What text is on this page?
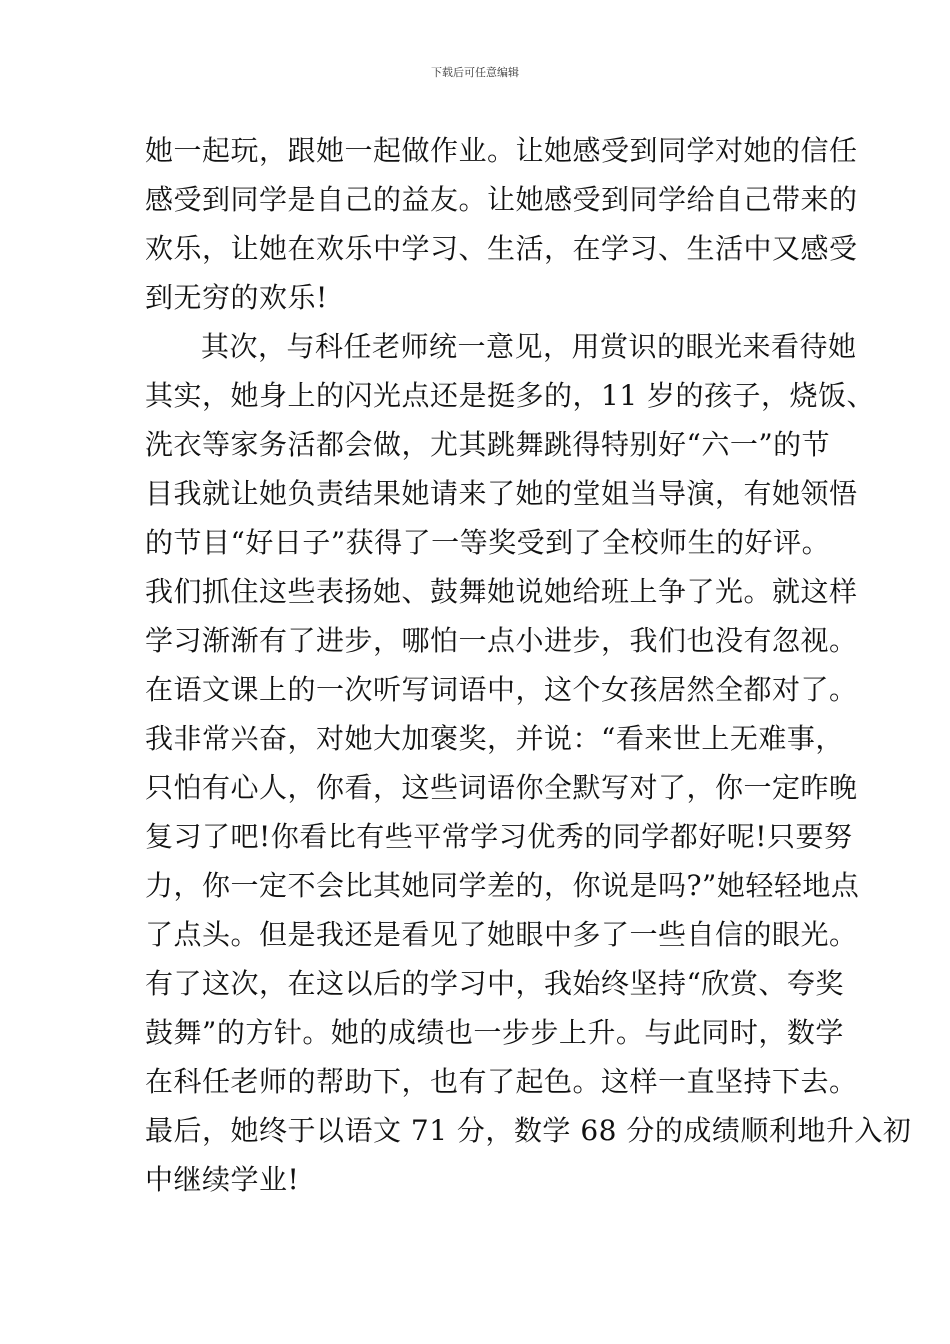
下载后可任意编辑
她一起玩，跟她一起做作业。让她感受到同学对她的信任
感受到同学是自己的益友。让她感受到同学给自己带来的
欢乐，让她在欢乐中学习、生活，在学习、生活中又感受
到无穷的欢乐!
其次，与科任老师统一意见，用赏识的眼光来看待她
其实，她身上的闪光点还是挺多的，11 岁的孩子，烧饭、
洗衣等家务活都会做，尤其跳舞跳得特别好“六一”的节
目我就让她负责结果她请来了她的堂姐当导演，有她领悟
的节目“好日子”获得了一等奖受到了全校师生的好评。
我们抓住这些表扬她、鼓舞她说她给班上争了光。就这样
学习渐渐有了进步，哪怕一点小进步，我们也没有忽视。
在语文课上的一次听写词语中，这个女孩居然全都对了。
我非常兴奋，对她大加褒奖，并说：“看来世上无难事，
只怕有心人，你看，这些词语你全默写对了，你一定昨晚
复习了吧!你看比有些平常学习优秀的同学都好呢!只要努
力，你一定不会比其她同学差的，你说是吗?”她轻轻地点
了点头。但是我还是看见了她眼中多了一些自信的眼光。
有了这次，在这以后的学习中，我始终坚持“欣赏、夸奖
鼓舞”的方针。她的成绩也一步步上升。与此同时，数学
在科任老师的帮助下，也有了起色。这样一直坚持下去。
最后，她终于以语文 71 分，数学 68 分的成绩顺利地升入初
中继续学业!
